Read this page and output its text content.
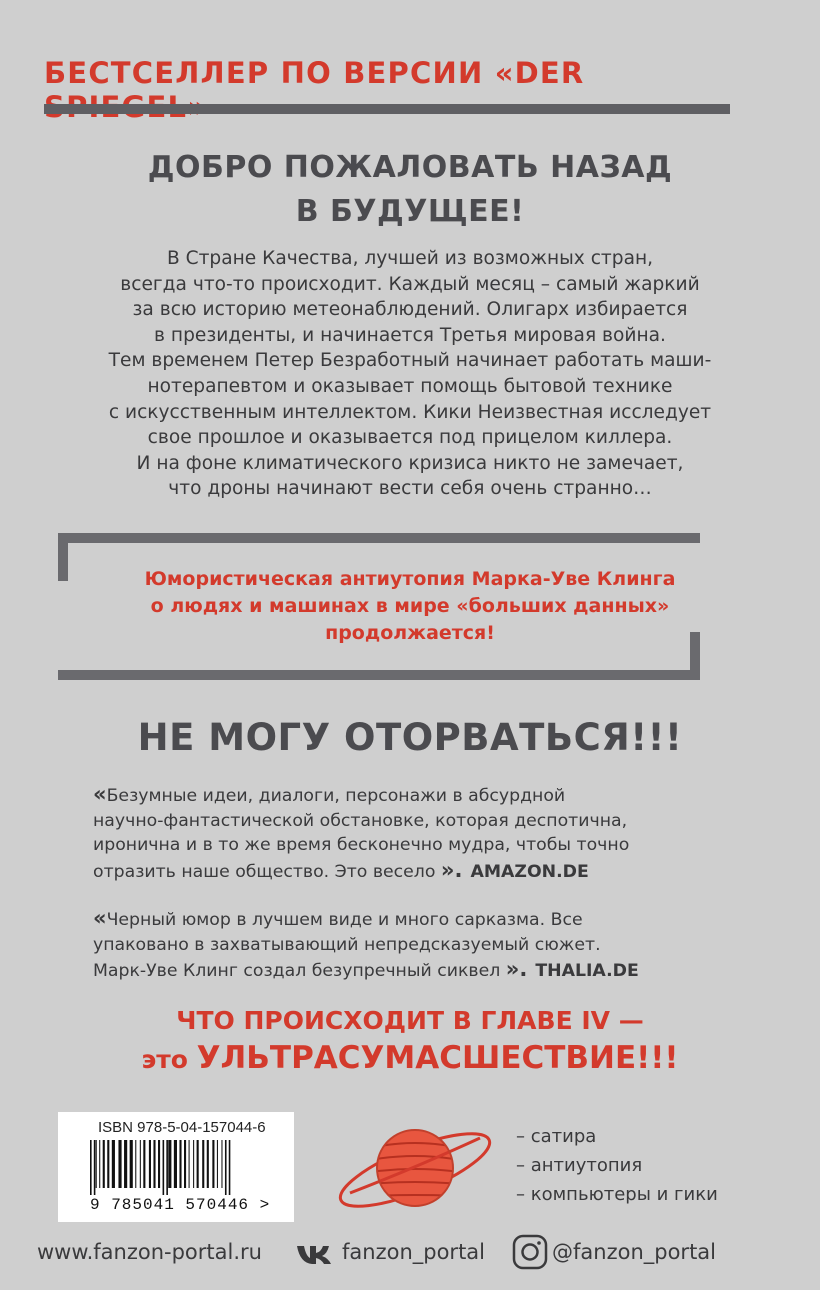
БЕСТСЕЛЛЕР ПО ВЕРСИИ «DER
ДОБРО ПОЖАЛОВАТЬ НАЗАД
В БУДУЩЕЕ!
В Стране Качества, лучшей из возможных стран,
всегда что-то происходит. Каждый месяц – самый жаркий
за всю историю метеонаблюдений. Олигарх избирается
в президенты, и начинается Третья мировая война.
Тем временем Петер Безработный начинает работать маши-
нотерапевтом и оказывает помощь бытовой технике
с искусственным интеллектом. Кики Неизвестная исследует
свое прошлое и оказывается под прицелом киллера.
И на фоне климатического кризиса никто не замечает,
что дроны начинают вести себя очень странно…
Юмористическая антиутопия Марка-Уве Клинга
о людях и машинах в мире «больших данных»
продолжается!
НЕ МОГУ ОТОРВАТЬСЯ!!!
«Безумные идеи, диалоги, персонажи в абсурдной
научно-фантастической обстановке, которая деспотична,
иронична и в то же время бесконечно мудра, чтобы точно
отразить наше общество. Это весело ». AMAZON.DE
«Черный юмор в лучшем виде и много сарказма. Все
упаковано в захватывающий непредсказуемый сюжет.
Марк-Уве Клинг создал безупречный сиквел ». THALIA.DE
ЧТО ПРОИСХОДИТ В ГЛАВЕ IV —
это УЛЬТРАСУМАСШЕСТВИЕ!!!
ISBN 978-5-04-157044-6
9 785041 570446 >
– сатира
– антиутопия
– компьютеры и гики
www.fanzon-portal.ru	fanzon_portal	@fanzon_portal
